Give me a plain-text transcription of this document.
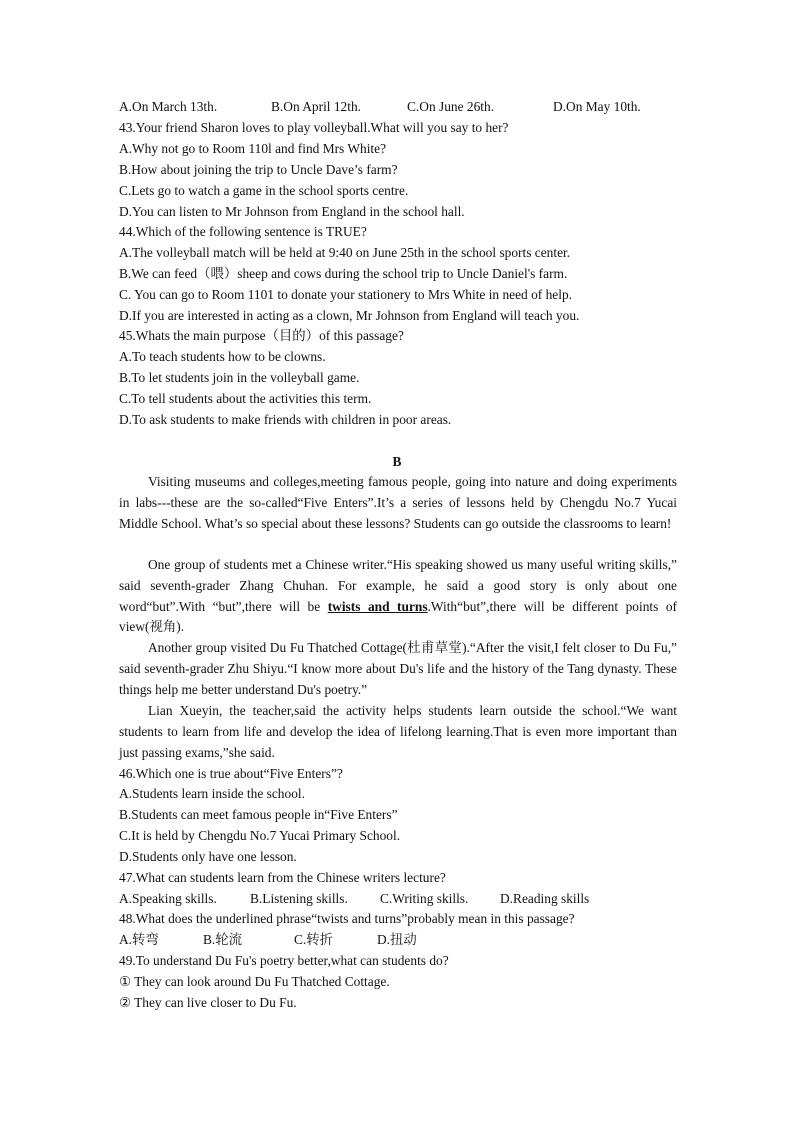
A.On March 13th.	B.On April 12th.	C.On June 26th.	D.On May 10th.
43.Your friend Sharon loves to play volleyball.What will you say to her?
A.Why not go to Room 110l and find Mrs White?
B.How about joining the trip to Uncle Dave’s farm?
C.Lets go to watch a game in the school sports centre.
D.You can listen to Mr Johnson from England in the school hall.
44.Which of the following sentence is TRUE?
A.The volleyball match will be held at 9:40 on June 25th in the school sports center.
B.We can feed（喂）sheep and cows during the school trip to Uncle Daniel's farm.
C. You can go to Room 1101 to donate your stationery to Mrs White in need of help.
D.If you are interested in acting as a clown, Mr Johnson from England will teach you.
45.Whats the main purpose（目的）of this passage?
A.To teach students how to be clowns.
B.To let students join in the volleyball game.
C.To tell students about the activities this term.
D.To ask students to make friends with children in poor areas.
B

Visiting museums and colleges,meeting famous people, going into nature and doing experiments in labs---these are the so-called“Five Enters”.It’s a series of lessons held by Chengdu No.7 Yucai Middle School. What’s so special about these lessons? Students can go outside the classrooms to learn!

One group of students met a Chinese writer.“His speaking showed us many useful writing skills,” said seventh-grader Zhang Chuhan. For example, he said a good story is only about one word“but”.With “but”,there will be twists and turns.With“but”,there will be different points of view(视角).

Another group visited Du Fu Thatched Cottage(杜甫草堂).“After the visit,I felt closer to Du Fu,” said seventh-grader Zhu Shiyu.“I know more about Du's life and the history of the Tang dynasty. These things help me better understand Du's poetry.”

Lian Xueyin, the teacher,said the activity helps students learn outside the school.“We want students to learn from life and develop the idea of lifelong learning.That is even more important than just passing exams,”she said.

46.Which one is true about“Five Enters”?
A.Students learn inside the school.
B.Students can meet famous people in“Five Enters”
C.It is held by Chengdu No.7 Yucai Primary School.
D.Students only have one lesson.
47.What can students learn from the Chinese writers lecture?
A.Speaking skills. B.Listening skills. C.Writing skills. D.Reading skills
48.What does the underlined phrase“twists and turns”probably mean in this passage?
A.转弯	B.轮流	C.转折	D.扭动
49.To understand Du Fu's poetry better,what can students do?
① They can look around Du Fu Thatched Cottage.
② They can live closer to Du Fu.
